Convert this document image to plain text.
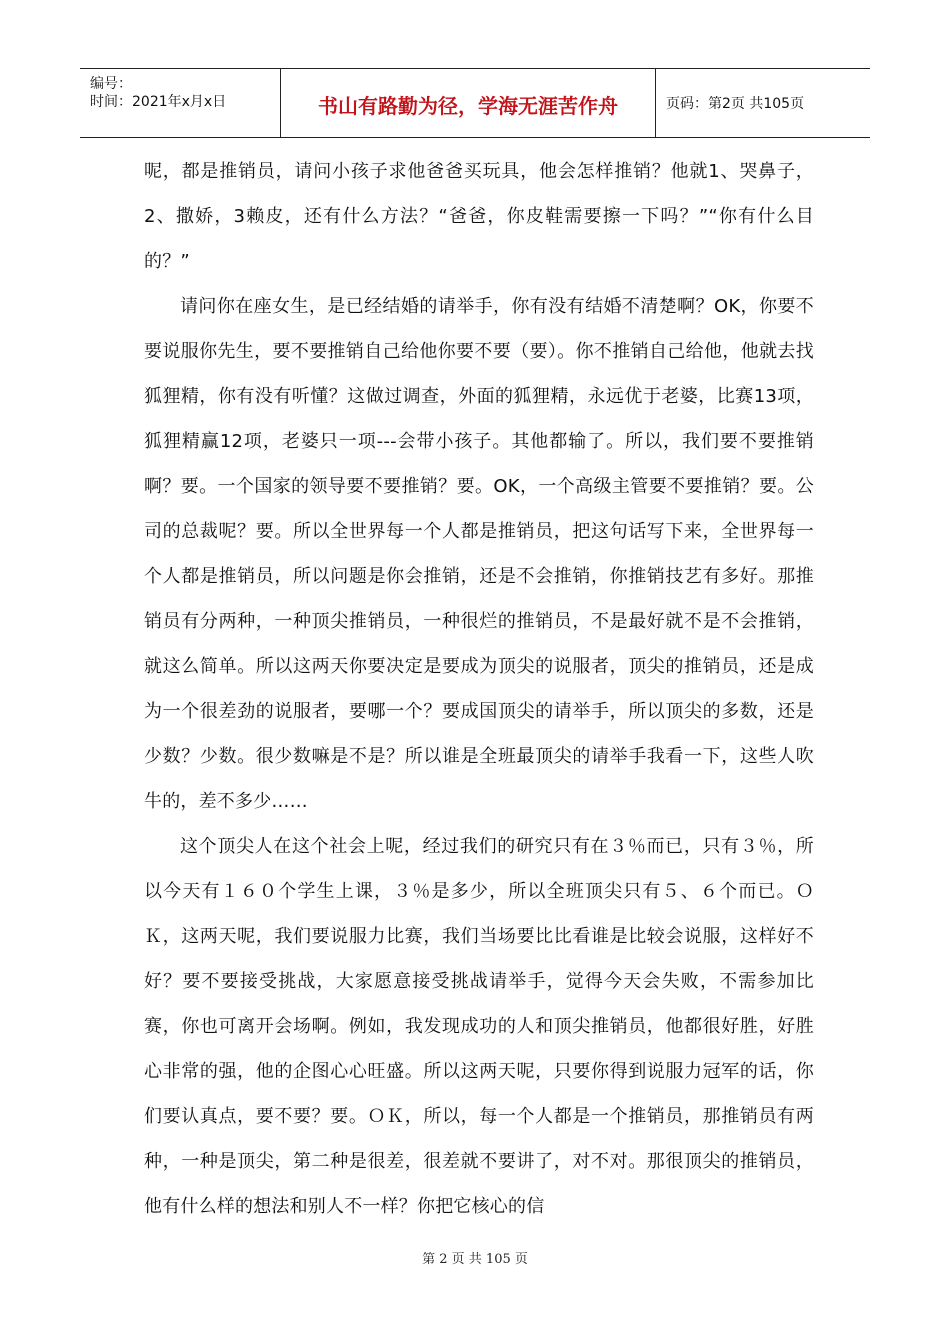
编号：
时间：2021年x月x日	书山有路勤为径，学海无涯苦作舟	页码：第2页 共105页

呢，都是推销员，请问小孩子求他爸爸买玩具，他会怎样推销？他就1、哭鼻子，2、撒娇，3赖皮，还有什么方法？“爸爸，你皮鞋需要擦一下吗？”“你有什么目的？”

请问你在座女生，是已经结婚的请举手，你有没有结婚不清楚啊？OK，你要不要说服你先生，要不要推销自己给他你要不要（要）。你不推销自己给他，他就去找狐狸精，你有没有听懂？这做过调查，外面的狐狸精，永远优于老婆，比赛13项，狐狸精赢12项，老婆只一项---会带小孩子。其他都输了。所以，我们要不要推销啊？要。一个国家的领导要不要推销？要。OK，一个高级主管要不要推销？要。公司的总裁呢？要。所以全世界每一个人都是推销员，把这句话写下来，全世界每一个人都是推销员，所以问题是你会推销，还是不会推销，你推销技艺有多好。那推销员有分两种，一种顶尖推销员，一种很烂的推销员，不是最好就不是不会推销，就这么简单。所以这两天你要决定是要成为顶尖的说服者，顶尖的推销员，还是成为一个很差劲的说服者，要哪一个？要成国顶尖的请举手，所以顶尖的多数，还是少数？少数。很少数嘛是不是？所以谁是全班最顶尖的请举手我看一下，这些人吹牛的，差不多少……

这个顶尖人在这个社会上呢，经过我们的研究只有在３％而已，只有３％，所以今天有１６０个学生上课，３％是多少，所以全班顶尖只有５、６个而已。ＯＫ，这两天呢，我们要说服力比赛，我们当场要比比看谁是比较会说服，这样好不好？要不要接受挑战，大家愿意接受挑战请举手，觉得今天会失败，不需参加比赛，你也可离开会场啊。例如，我发现成功的人和顶尖推销员，他都很好胜，好胜心非常的强，他的企图心心旺盛。所以这两天呢，只要你得到说服力冠军的话，你们要认真点，要不要？要。ＯＫ，所以，每一个人都是一个推销员，那推销员有两种，一种是顶尖，第二种是很差，很差就不要讲了，对不对。那很顶尖的推销员，他有什么样的想法和别人不一样？你把它核心的信

第 2 页 共 105 页
